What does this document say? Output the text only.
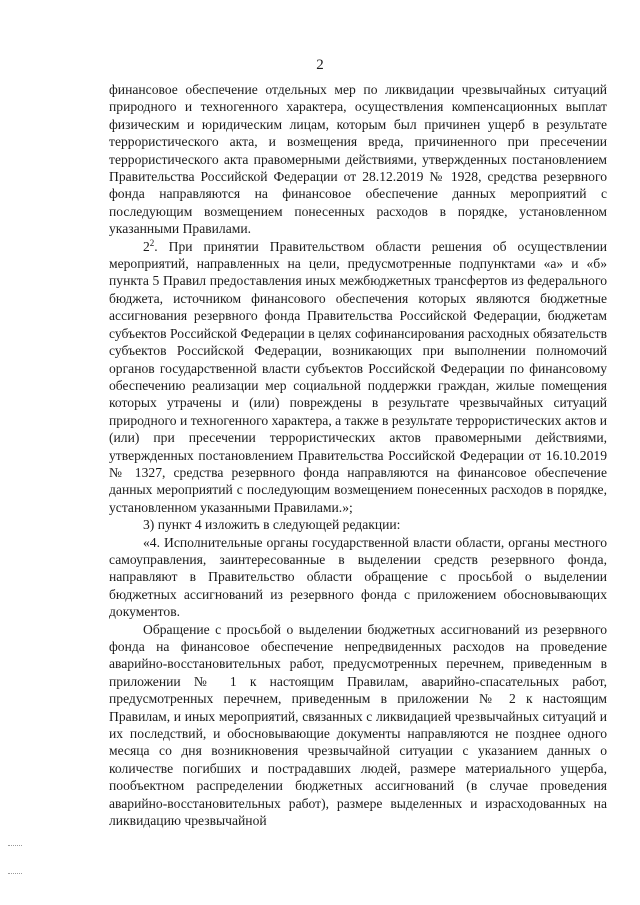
2

финансовое обеспечение отдельных мер по ликвидации чрезвычайных ситуаций природного и техногенного характера, осуществления компенсационных выплат физическим и юридическим лицам, которым был причинен ущерб в результате террористического акта, и возмещения вреда, причиненного при пресечении террористического акта правомерными действиями, утвержденных постановлением Правительства Российской Федерации от 28.12.2019 № 1928, средства резервного фонда направляются на финансовое обеспечение данных мероприятий с последующим возмещением понесенных расходов в порядке, установленном указанными Правилами.

$2^2$. При принятии Правительством области решения об осуществлении мероприятий, направленных на цели, предусмотренные подпунктами «а» и «б» пункта 5 Правил предоставления иных межбюджетных трансфертов из федерального бюджета, источником финансового обеспечения которых являются бюджетные ассигнования резервного фонда Правительства Российской Федерации, бюджетам субъектов Российской Федерации в целях софинансирования расходных обязательств субъектов Российской Федерации, возникающих при выполнении полномочий органов государственной власти субъектов Российской Федерации по финансовому обеспечению реализации мер социальной поддержки граждан, жилые помещения которых утрачены и (или) повреждены в результате чрезвычайных ситуаций природного и техногенного характера, а также в результате террористических актов и (или) при пресечении террористических актов правомерными действиями, утвержденных постановлением Правительства Российской Федерации от 16.10.2019 № 1327, средства резервного фонда направляются на финансовое обеспечение данных мероприятий с последующим возмещением понесенных расходов в порядке, установленном указанными Правилами.»;

3) пункт 4 изложить в следующей редакции:

«4. Исполнительные органы государственной власти области, органы местного самоуправления, заинтересованные в выделении средств резервного фонда, направляют в Правительство области обращение с просьбой о выделении бюджетных ассигнований из резервного фонда с приложением обосновывающих документов.

Обращение с просьбой о выделении бюджетных ассигнований из резервного фонда на финансовое обеспечение непредвиденных расходов на проведение аварийно-восстановительных работ, предусмотренных перечнем, приведенным в приложении № 1 к настоящим Правилам, аварийно-спасательных работ, предусмотренных перечнем, приведенным в приложении № 2 к настоящим Правилам, и иных мероприятий, связанных с ликвидацией чрезвычайных ситуаций и их последствий, и обосновывающие документы направляются не позднее одного месяца со дня возникновения чрезвычайной ситуации с указанием данных о количестве погибших и пострадавших людей, размере материального ущерба, пообъектном распределении бюджетных ассигнований (в случае проведения аварийно-восстановительных работ), размере выделенных и израсходованных на ликвидацию чрезвычайной
